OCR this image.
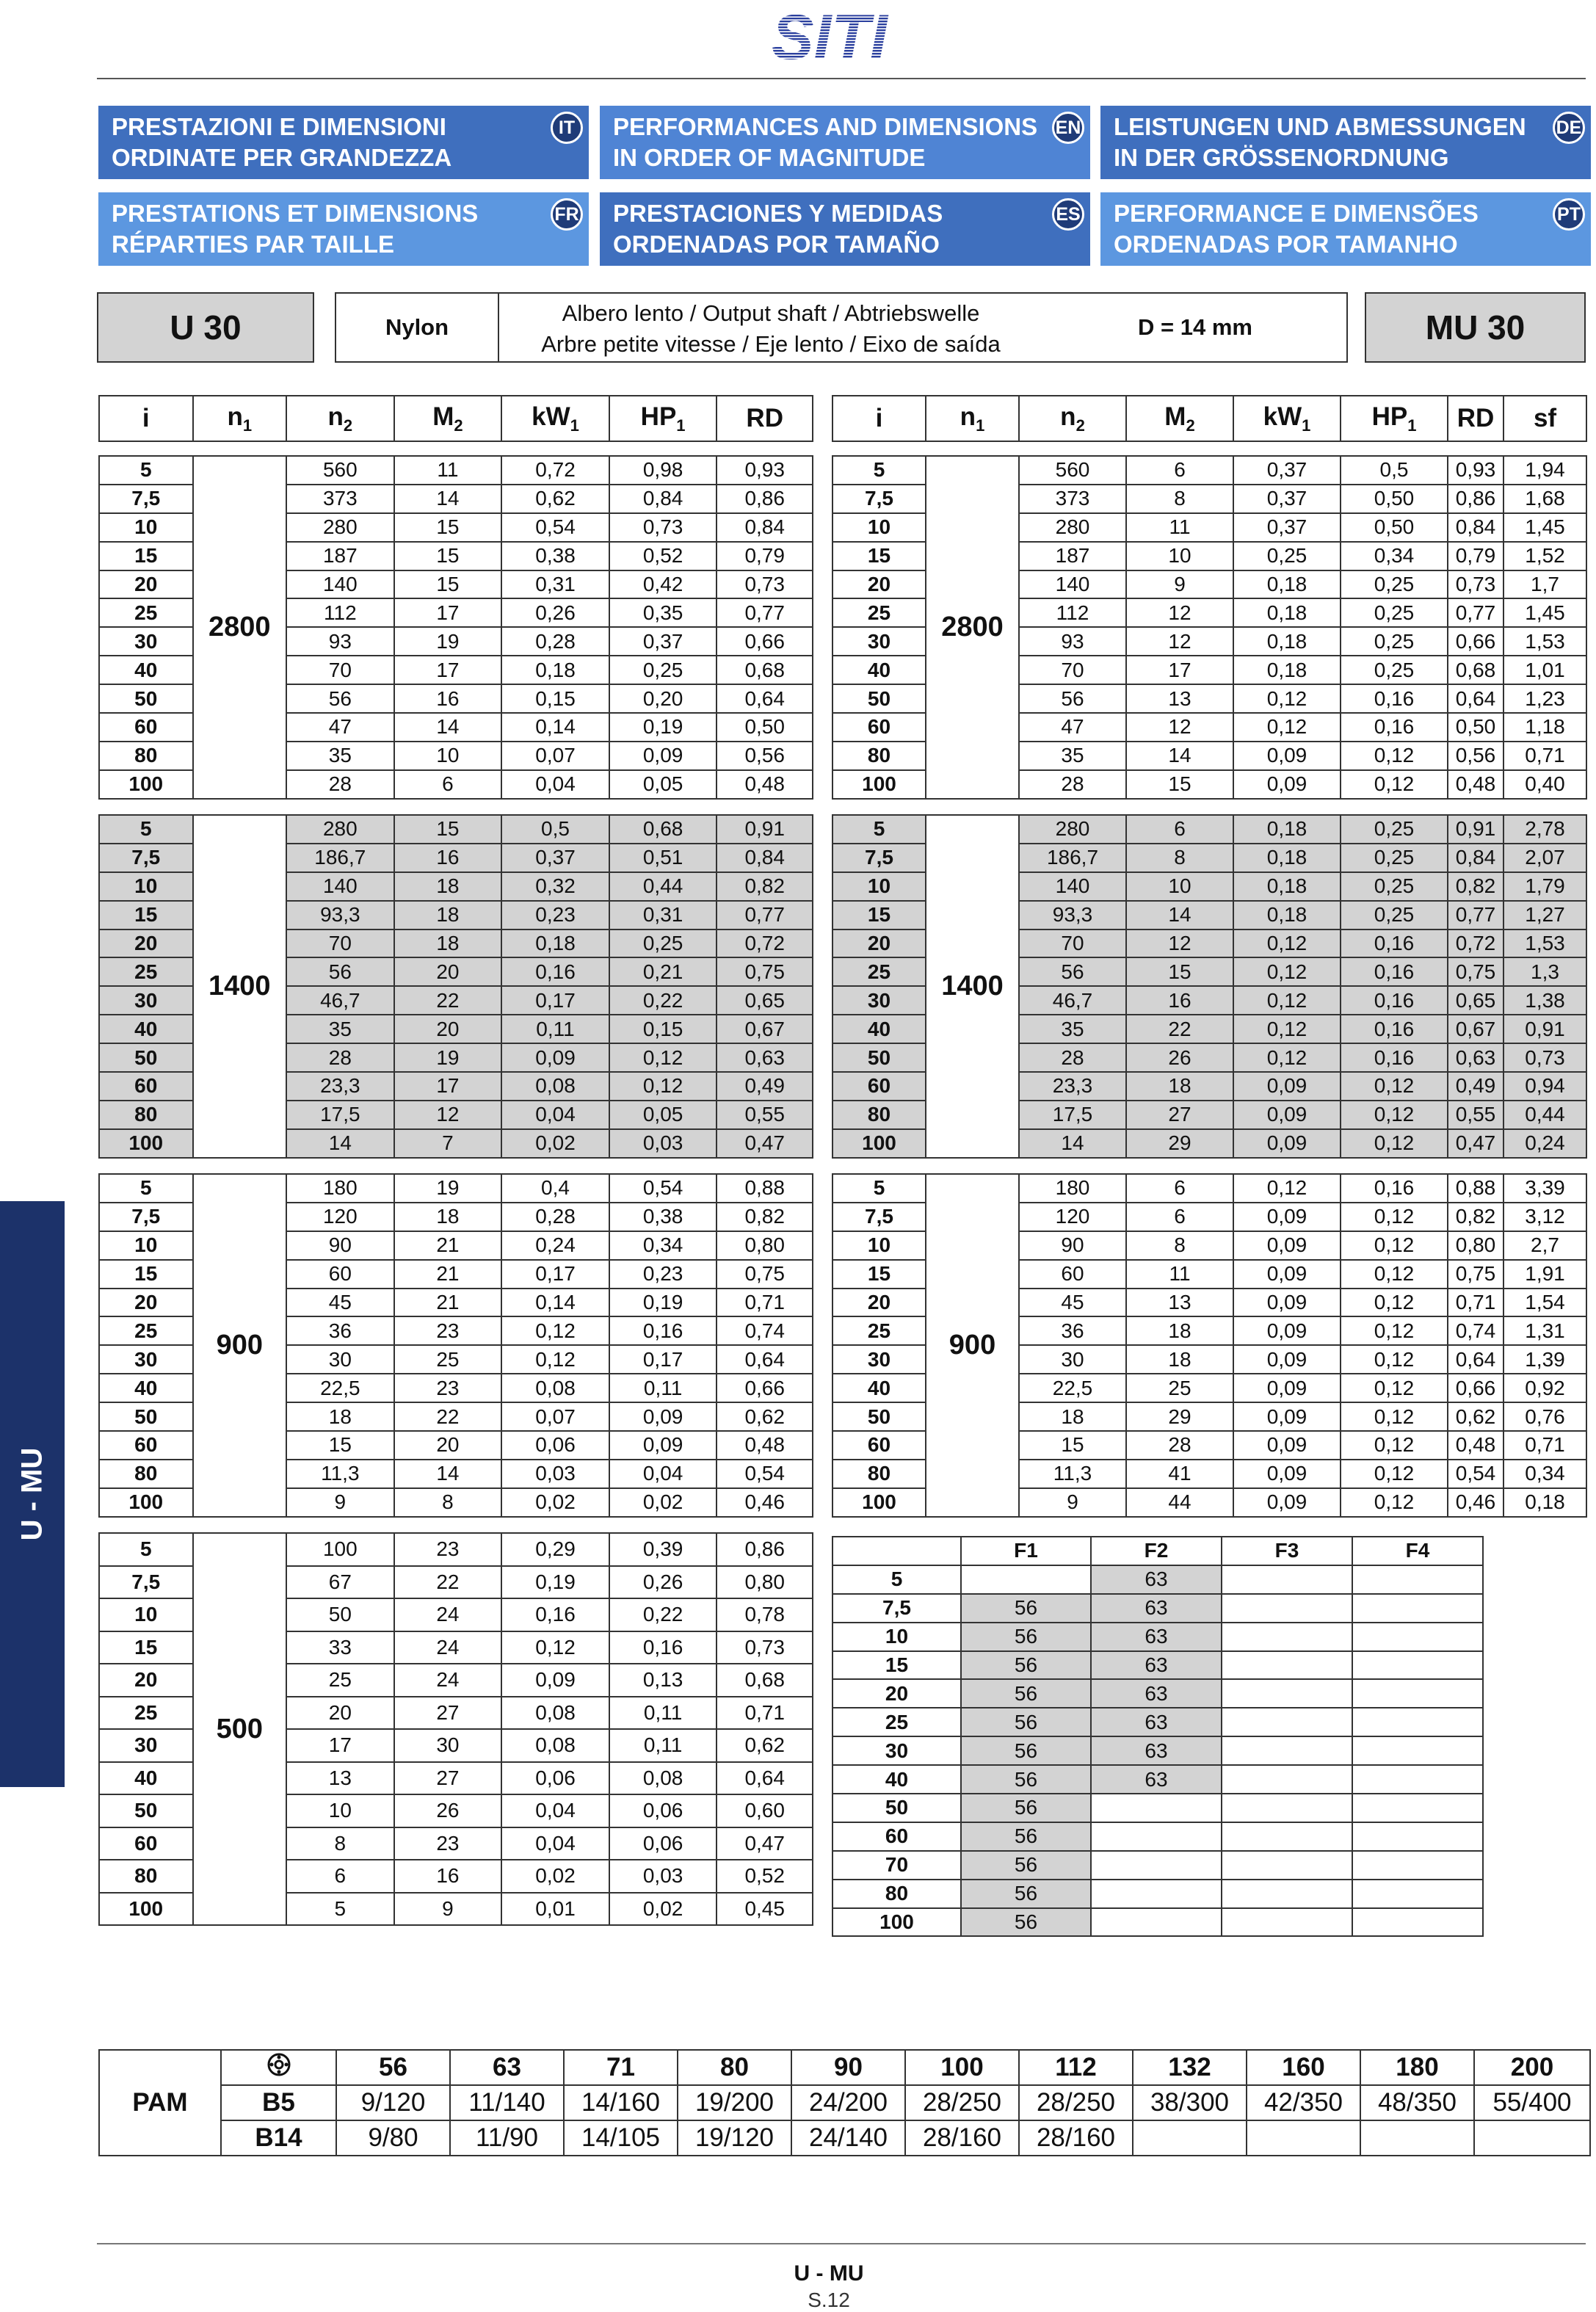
SITI
PRESTAZIONI E DIMENSIONI
ORDINATE PER GRANDEZZA
IT	PERFORMANCES AND DIMENSIONS
IN ORDER OF MAGNITUDE
EN LEISTUNGEN UND ABMESSUNGEN
IN DER GRÖSSENORDNUNG
DE
PRESTATIONS ET DIMENSIONS
RÉPARTIES PAR TAILLE
FR PRESTACIONES Y MEDIDAS
ORDENADAS POR TAMAÑO
ES PERFORMANCE E DIMENSÕES
ORDENADAS POR TAMANHO
PT
U 30	Nylon
Albero lento / Output shaft / Abtriebswelle
Arbre petite vitesse / Eje lento / Eixo de saída
D = 14 mm	MU 30
i	$n_1$	$n_2$	$M_2$	$kW_1$	$HP_1$	RD	i	$n_1$	$n_2$	$M_2$	$kW_1$	$HP_1$	RD	sf
5	2800	560	11	0,72	0,98	0,93
7,5		373	14	0,62	0,84	0,86
10		280	15	0,54	0,73	0,84
15		187	15	0,38	0,52	0,79
20		140	15	0,31	0,42	0,73
25		112	17	0,26	0,35	0,77
30		93	19	0,28	0,37	0,66
40		70	17	0,18	0,25	0,68
50		56	16	0,15	0,20	0,64
60		47	14	0,14	0,19	0,50
80		35	10	0,07	0,09	0,56
100		28	6	0,04	0,05	0,48
5	1400	280	15	0,5	0,68	0,91
7,5		186,7	16	0,37	0,51	0,84
10		140	18	0,32	0,44	0,82
15		93,3	18	0,23	0,31	0,77
20		70	18	0,18	0,25	0,72
25		56	20	0,16	0,21	0,75
30		46,7	22	0,17	0,22	0,65
40		35	20	0,11	0,15	0,67
50		28	19	0,09	0,12	0,63
60		23,3	17	0,08	0,12	0,49
80		17,5	12	0,04	0,05	0,55
100		14	7	0,02	0,03	0,47
5	900	180	19	0,4	0,54	0,88
7,5		120	18	0,28	0,38	0,82
10		90	21	0,24	0,34	0,80
15		60	21	0,17	0,23	0,75
20		45	21	0,14	0,19	0,71
25		36	23	0,12	0,16	0,74
30		30	25	0,12	0,17	0,64
40		22,5	23	0,08	0,11	0,66
50		18	22	0,07	0,09	0,62
60		15	20	0,06	0,09	0,48
80		11,3	14	0,03	0,04	0,54
100		9	8	0,02	0,02	0,46
5	500	100	23	0,29	0,39	0,86
7,5		67	22	0,19	0,26	0,80
10		50	24	0,16	0,22	0,78
15		33	24	0,12	0,16	0,73
20		25	24	0,09	0,13	0,68
25		20	27	0,08	0,11	0,71
30		17	30	0,08	0,11	0,62
40		13	27	0,06	0,08	0,64
50		10	26	0,04	0,06	0,60
60		8	23	0,04	0,06	0,47
80		6	16	0,02	0,03	0,52
100		5	9	0,01	0,02	0,45
5	2800	560	6	0,37	0,5	0,93	1,94
7,5		373	8	0,37	0,50	0,86	1,68
10		280	11	0,37	0,50	0,84	1,45
15		187	10	0,25	0,34	0,79	1,52
20		140	9	0,18	0,25	0,73	1,7
25		112	12	0,18	0,25	0,77	1,45
30		93	12	0,18	0,25	0,66	1,53
40		70	17	0,18	0,25	0,68	1,01
50		56	13	0,12	0,16	0,64	1,23
60		47	12	0,12	0,16	0,50	1,18
80		35	14	0,09	0,12	0,56	0,71
100		28	15	0,09	0,12	0,48	0,40
5	1400	280	6	0,18	0,25	0,91	2,78
7,5		186,7	8	0,18	0,25	0,84	2,07
10		140	10	0,18	0,25	0,82	1,79
15		93,3	14	0,18	0,25	0,77	1,27
20		70	12	0,12	0,16	0,72	1,53
25		56	15	0,12	0,16	0,75	1,3
30		46,7	16	0,12	0,16	0,65	1,38
40		35	22	0,12	0,16	0,67	0,91
50		28	26	0,12	0,16	0,63	0,73
60		23,3	18	0,09	0,12	0,49	0,94
80		17,5	27	0,09	0,12	0,55	0,44
100		14	29	0,09	0,12	0,47	0,24
5	900	180	6	0,12	0,16	0,88	3,39
7,5		120	6	0,09	0,12	0,82	3,12
10		90	8	0,09	0,12	0,80	2,7
15		60	11	0,09	0,12	0,75	1,91
20		45	13	0,09	0,12	0,71	1,54
25		36	18	0,09	0,12	0,74	1,31
30		30	18	0,09	0,12	0,64	1,39
40		22,5	25	0,09	0,12	0,66	0,92
50		18	29	0,09	0,12	0,62	0,76
60		15	28	0,09	0,12	0,48	0,71
80		11,3	41	0,09	0,12	0,54	0,34
100		9	44	0,09	0,12	0,46	0,18
	F1	F2	F3	F4
5		63		
7,5	56	63		
10	56	63		
15	56	63		
20	56	63		
25	56	63		
30	56	63		
40	56	63		
50	56			
60	56			
70	56			
80	56			
100	56			
PAM		56	63	71	80	90	100	112	132	160	180	200
	B5	9/120	11/140	14/160	19/200	24/200	28/250	28/250	38/300	42/350	48/350	55/400
	B14	9/80	11/90	14/105	19/120	24/140	28/160	28/160				
U - MU
U - MU
S.12
